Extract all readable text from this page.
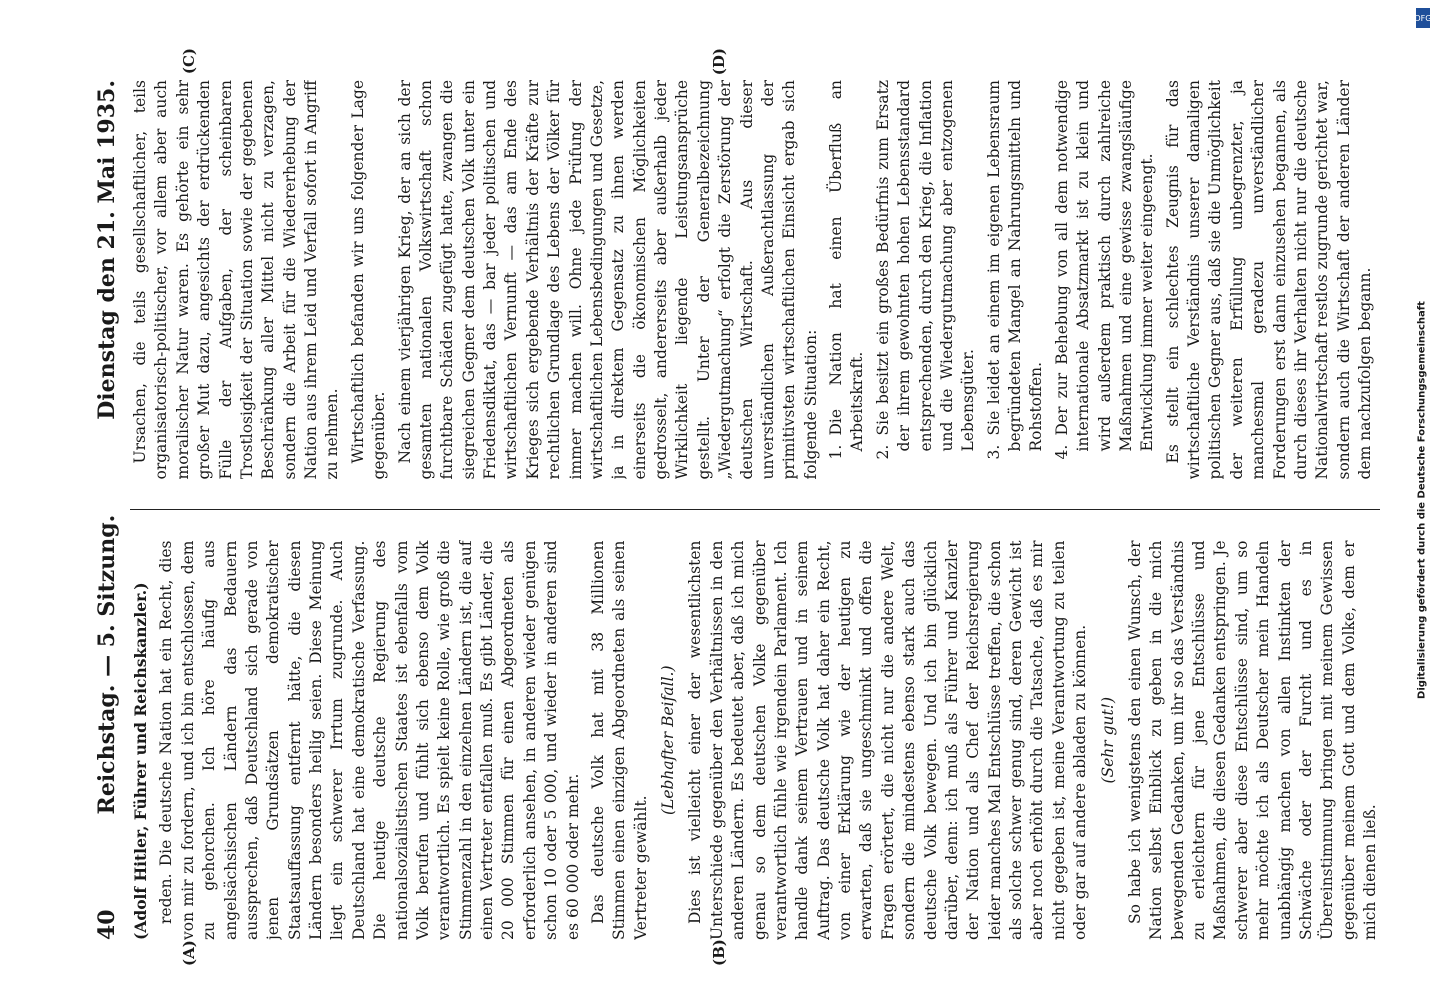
40
Reichstag. — 5. Sitzung.
Dienstag den 21. Mai 1935.

(Adolf Hitler, Führer und Reichskanzler.) reden. Die deutsche Nation hat ein Recht, dies von mir zu fordern, und ich bin entschlossen, dem zu gehorchen. Ich höre häufig aus angelsächsischen Ländern das Bedauern aussprechen, daß Deutschland sich gerade von jenen Grundsätzen demokratischer Staatsauffassung entfernt hätte, die diesen Ländern besonders heilig seien. Diese Meinung liegt ein schwerer Irrtum zugrunde. Auch Deutschland hat eine demokratische Verfassung. Die heutige deutsche Regierung des nationalsozialistischen Staates ist ebenfalls vom Volk berufen und fühlt sich ebenso dem Volk verantwortlich. Es spielt keine Rolle, wie groß die Stimmenzahl in den einzelnen Ländern ist, die auf einen Vertreter entfallen muß. Es gibt Länder, die 20 000 Stimmen für einen Abgeordneten als erforderlich ansehen, in anderen wieder genügen schon 10 oder 5 000, und wieder in anderen sind es 60 000 oder mehr. Das deutsche Volk hat mit 38 Millionen Stimmen einen einzigen Abgeordneten als seinen Vertreter gewählt.

(Lebhafter Beifall.) Dies ist vielleicht einer der wesentlichsten Unterschiede gegenüber den Verhältnissen in den anderen Ländern. Es bedeutet aber, daß ich mich genau so dem deutschen Volke gegenüber verantwortlich fühle wie irgendein Parlament. Ich handle dank seinem Vertrauen und in seinem Auftrag. Das deutsche Volk hat daher ein Recht, von einer Erklärung wie der heutigen zu erwarten, daß sie ungeschminkt und offen die Fragen erörtert, die nicht nur die andere Welt, sondern die mindestens ebenso stark auch das deutsche Volk bewegen. Und ich bin glücklich darüber, denn: ich muß als Führer und Kanzler der Nation und als Chef der Reichsregierung leider manches Mal Entschlüsse treffen, die schon als solche schwer genug sind, deren Gewicht ist aber noch erhöht durch die Tatsache, daß es mir nicht gegeben ist, meine Verantwortung zu teilen oder gar auf andere abladen zu können. (Sehr gut!) So habe ich wenigstens den einen Wunsch, der Nation selbst Einblick zu geben in die mich bewegenden Gedanken, um ihr so das Verständnis zu erleichtern für jene Entschlüsse und Maßnahmen, die diesen Gedanken entspringen. Je schwerer aber diese Entschlüsse sind, um so mehr möchte ich als Deutscher mein Handeln unabhängig machen von allen Instinkten der Schwäche oder der Furcht und es in Übereinstimmung bringen mit meinem Gewissen gegenüber meinem Gott und dem Volke, dem er mich dienen ließ.

Ursachen, die teils gesellschaftlicher, teils organisatorisch-politischer, vor allem aber auch moralischer Natur waren. Es gehörte ein sehr großer Mut dazu, angesichts der erdrückenden Fülle der Aufgaben, der scheinbaren Trostlosigkeit der Situation sowie der gegebenen Beschränkung aller Mittel nicht zu verzagen, sondern die Arbeit für die Wiedererhebung der Nation aus ihrem Leid und Verfall sofort in Angriff zu nehmen. Wirtschaftlich befanden wir uns folgender Lage gegenüber. Nach einem vierjährigen Krieg, der an sich der gesamten nationalen Volkswirtschaft schon furchtbare Schäden zugefügt hatte, zwangen die siegreichen Gegner dem deutschen Volk unter ein Friedensdiktat, das — bar jeder politischen und wirtschaftlichen Vernunft — das am Ende des Krieges sich ergebende Verhältnis der Kräfte zur rechtlichen Grundlage des Lebens der Völker für immer machen will. Ohne jede Prüfung der wirtschaftlichen Lebensbedingungen und Gesetze, ja in direktem Gegensatz zu ihnen werden einerseits die ökonomischen Möglichkeiten gedrosselt, andererseits aber außerhalb jeder Wirklichkeit liegende Leistungsansprüche gestellt. Unter der Generalbezeichnung „Wiedergutmachung“ erfolgt die Zerstörung der deutschen Wirtschaft. Aus dieser unverständlichen Außerachtlassung der primitivsten wirtschaftlichen Einsicht ergab sich folgende Situation: 1.
Die Nation hat einen Überfluß an Arbeitskraft.

2.
Sie besitzt ein großes Bedürfnis zum Ersatz der ihrem gewohnten hohen Lebensstandard entsprechenden, durch den Krieg, die Inflation und die Wiedergutmachung aber entzogenen Lebensgüter.

3.
Sie leidet an einem im eigenen Lebensraum begründeten Mangel an Nahrungsmitteln und Rohstoffen.

4.
Der zur Behebung von all dem notwendige internationale Absatzmarkt ist zu klein und wird außerdem praktisch durch zahlreiche Maßnahmen und eine gewisse zwangsläufige Entwicklung immer weiter eingeengt. Es stellt ein schlechtes Zeugnis für das wirtschaftliche Verständnis unserer damaligen politischen Gegner aus, daß sie die Unmöglichkeit der weiteren Erfüllung unbegrenzter, ja manchesmal geradezu unverständlicher Forderungen erst dann einzusehen begannen, als durch dieses ihr Verhalten nicht nur die deutsche Nationalwirtschaft restlos zugrunde gerichtet war, sondern auch die Wirtschaft der anderen Länder dem nachzufolgen begann.

(A)	(B)
(C)	(D)
DFG
Digitalisierung gefördert durch die Deutsche Forschungsgemeinschaft
